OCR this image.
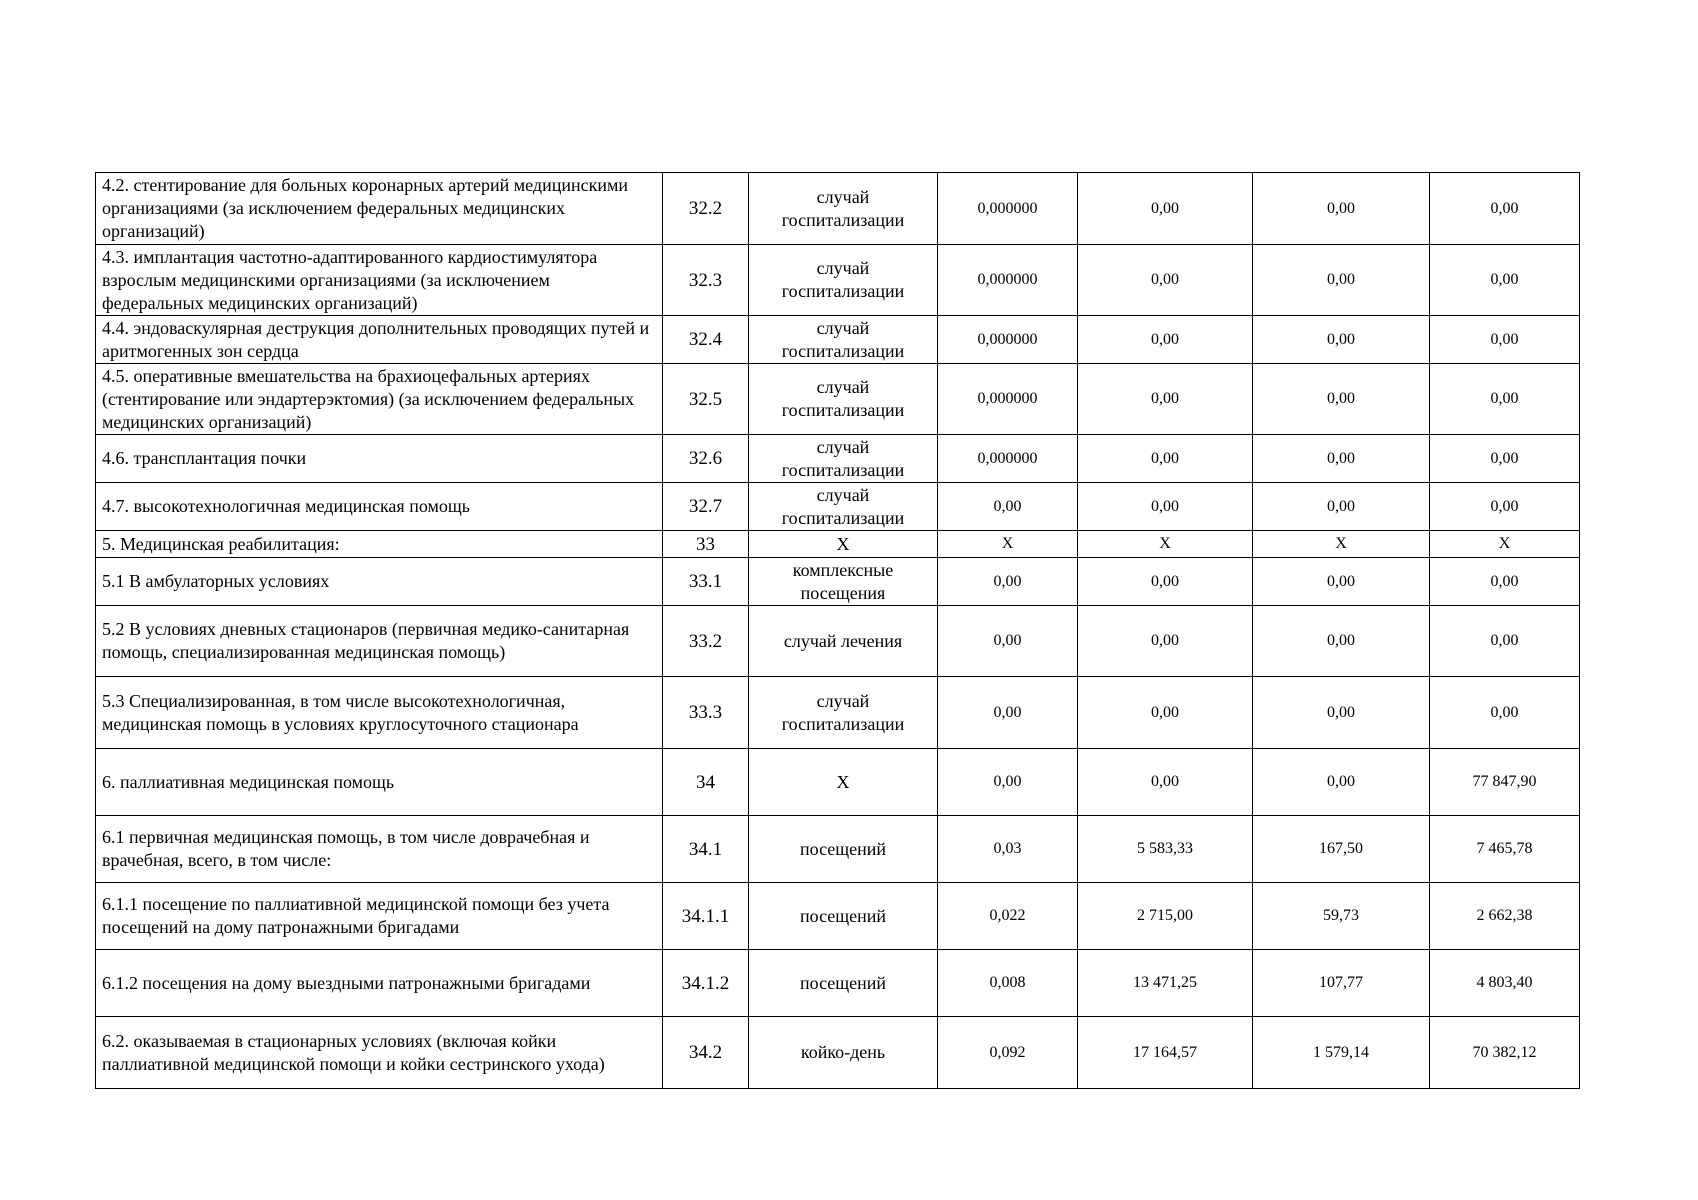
4.2. стентирование для больных коронарных артерий медицинскими организациями (за исключением федеральных медицинских организаций)	32.2	случай госпитализации	0,000000	0,00	0,00	0,00
4.3. имплантация частотно-адаптированного кардиостимулятора взрослым медицинскими организациями (за исключением федеральных медицинских организаций)	32.3	случай госпитализации	0,000000	0,00	0,00	0,00
4.4. эндоваскулярная деструкция дополнительных проводящих путей и аритмогенных зон сердца	32.4	случай госпитализации	0,000000	0,00	0,00	0,00
4.5. оперативные вмешательства на брахиоцефальных артериях (стентирование или эндартерэктомия) (за исключением федеральных медицинских организаций)	32.5	случай госпитализации	0,000000	0,00	0,00	0,00
4.6. трансплантация почки	32.6	случай госпитализации	0,000000	0,00	0,00	0,00
4.7. высокотехнологичная медицинская помощь	32.7	случай госпитализации	0,00	0,00	0,00	0,00
5. Медицинская реабилитация:	33	Х	Х	Х	Х	Х
5.1 В амбулаторных условиях	33.1	комплексные посещения	0,00	0,00	0,00	0,00
5.2 В условиях дневных стационаров (первичная медико-санитарная помощь, специализированная медицинская помощь)	33.2	случай лечения	0,00	0,00	0,00	0,00
5.3 Специализированная, в том числе высокотехнологичная, медицинская помощь в условиях круглосуточного стационара	33.3	случай госпитализации	0,00	0,00	0,00	0,00
6. паллиативная медицинская помощь	34	Х	0,00	0,00	0,00	77 847,90
6.1 первичная медицинская помощь, в том числе доврачебная и врачебная, всего, в том числе:	34.1	посещений	0,03	5 583,33	167,50	7 465,78
6.1.1 посещение по паллиативной медицинской помощи без учета посещений на дому патронажными бригадами	34.1.1	посещений	0,022	2 715,00	59,73	2 662,38
6.1.2 посещения на дому выездными патронажными бригадами	34.1.2	посещений	0,008	13 471,25	107,77	4 803,40
6.2. оказываемая в стационарных условиях (включая койки паллиативной медицинской помощи и койки сестринского ухода)	34.2	койко-день	0,092	17 164,57	1 579,14	70 382,12
